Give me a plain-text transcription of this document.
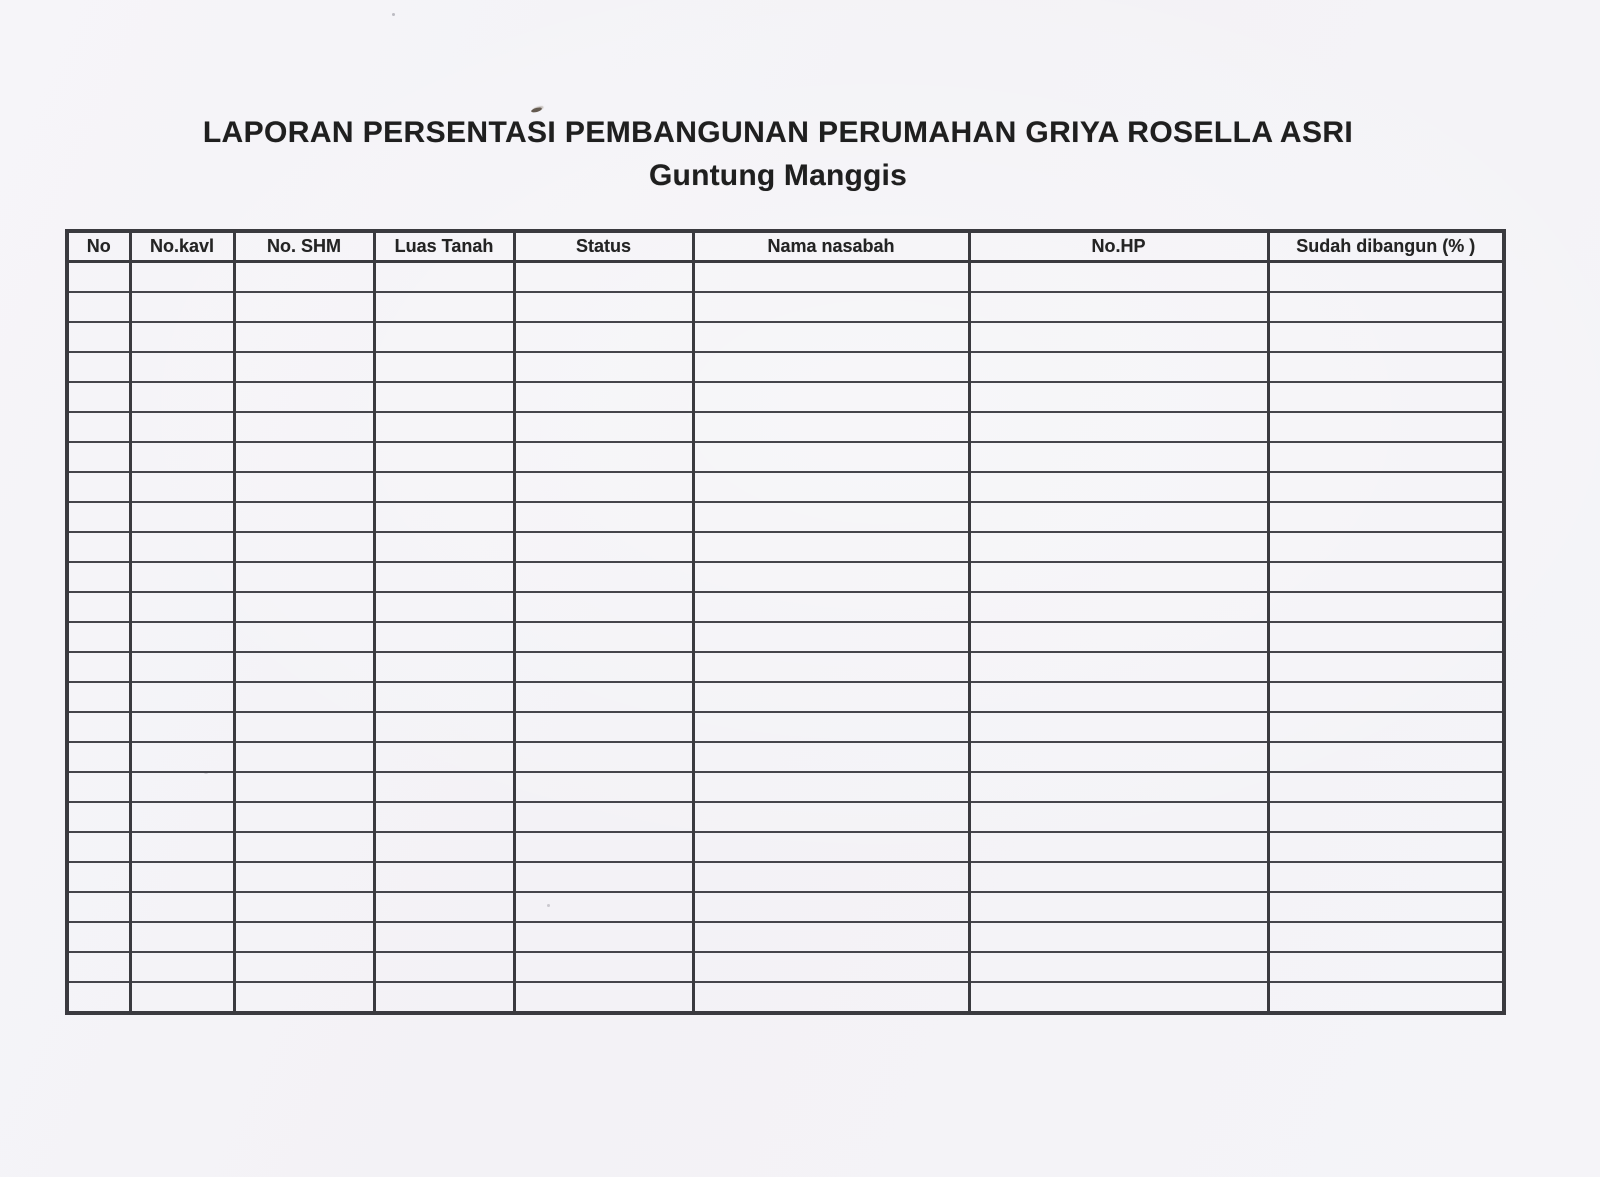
LAPORAN PERSENTASI PEMBANGUNAN PERUMAHAN GRIYA ROSELLA ASRI
Guntung Manggis
No	No.kavl	No. SHM	Luas Tanah	Status	Nama nasabah	No.HP	Sudah dibangun (% )
